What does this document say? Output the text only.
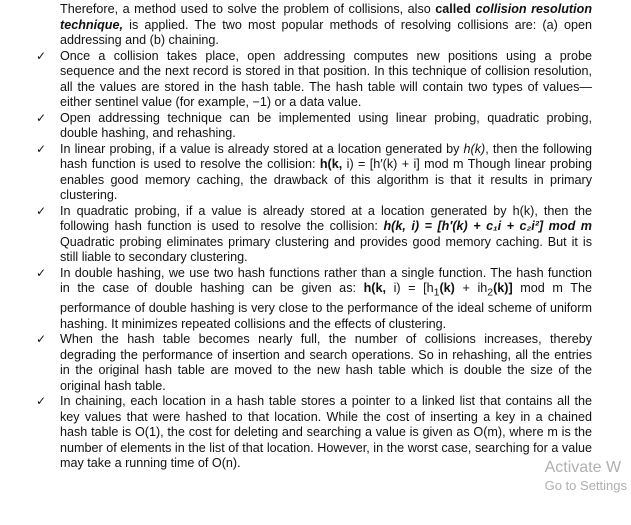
Therefore, a method used to solve the problem of collisions, also called collision resolution technique, is applied. The two most popular methods of resolving collisions are: (a) open addressing and (b) chaining.

✓	Once a collision takes place, open addressing computes new positions using a probe sequence and the next record is stored in that position. In this technique of collision resolution, all the values are stored in the hash table. The hash table will contain two types of values—either sentinel value (for example, −1) or a data value.
✓	Open addressing technique can be implemented using linear probing, quadratic probing, double hashing, and rehashing.
✓	In linear probing, if a value is already stored at a location generated by h(k), then the following hash function is used to resolve the collision: h(k, i) = [h′(k) + i] mod m Though linear probing enables good memory caching, the drawback of this algorithm is that it results in primary clustering.
✓	In quadratic probing, if a value is already stored at a location generated by h(k), then the following hash function is used to resolve the collision: h(k, i) = [h′(k) + c₁i + c₂i²] mod m Quadratic probing eliminates primary clustering and provides good memory caching. But it is still liable to secondary clustering.
✓	In double hashing, we use two hash functions rather than a single function. The hash function in the case of double hashing can be given as: h(k, $i) = [h_1(k) + ih_2(k)]$ mod m The performance of double hashing is very close to the performance of the ideal scheme of uniform hashing. It minimizes repeated collisions and the effects of clustering.
✓	When the hash table becomes nearly full, the number of collisions increases, thereby degrading the performance of insertion and search operations. So in rehashing, all the entries in the original hash table are moved to the new hash table which is double the size of the original hash table.
✓	In chaining, each location in a hash table stores a pointer to a linked list that contains all the key values that were hashed to that location. While the cost of inserting a key in a chained hash table is O(1), the cost for deleting and searching a value is given as O(m), where m is the number of elements in the list of that location. However, in the worst case, searching for a value may take a running time of O(n).	Activate W
Go to Settings
